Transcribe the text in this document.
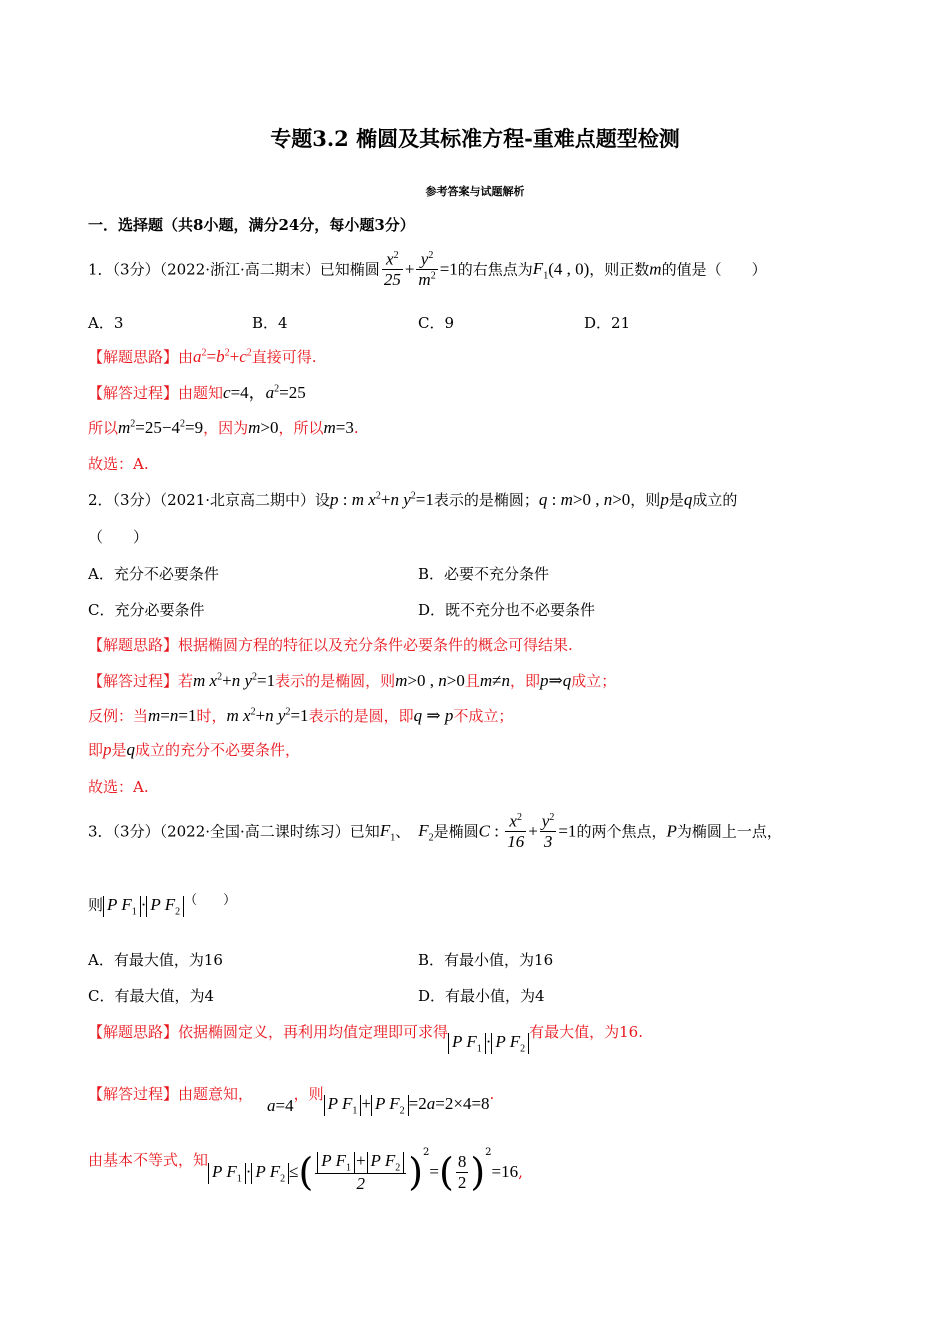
专题3.2 椭圆及其标准方程-重难点题型检测
参考答案与试题解析
一．选择题（共8小题，满分24分，每小题3分）
1．（3分）（2022·浙江·高二期末）已知椭圆 $\frac{x^2}{25} + \frac{y^2}{m^2} =1$的右焦点为$F_1(4$ , 0)，则正数m的值是（　　）
A．3	B．4	C．9	D．21
【解题思路】由$a^2=b^2+c^2$直接可得.
【解答过程】由题知c=4，$a^2=25$
所以$m^2=25-4^2=9$，因为m>0，所以m=3.
故选：A.
2．（3分）（2021·北京高二期中）设p : m $x^2+n$ $y^2=1$表示的是椭圆；q : m>0 , n>0，则p是q成立的
（　　）
A．充分不必要条件	B．必要不充分条件
C．充分必要条件	D．既不充分也不必要条件
【解题思路】根据椭圆方程的特征以及充分条件必要条件的概念可得结果.
【解答过程】若m $x^2+n$ $y^2=1$表示的是椭圆，则m>0 , n>0且m≠n，即p⇒q成立；
反例：当m=n=1时，m $x^2+n$ $y^2=1$表示的是圆，即q ⇒ p不成立；
即p是q成立的充分不必要条件，
故选：A.
3．（3分）（2022·全国·高二课时练习）已知$F_1$、 $F_2$是椭圆C : $\frac{x^2}{16} + \frac{y^2}{3} =1$的两个焦点，P为椭圆上一点，
则 P $F_1 \cdot P$ $F_2$（　　）
A．有最大值，为16	B．有最小值，为16
C．有最大值，为4	D．有最小值，为4
【解题思路】依据椭圆定义，再利用均值定理即可求得 P $F_1 \cdot P$ $F_2$有最大值，为16.
【解答过程】由题意知，a=4，则 P $F_1 + P$ $F_2 =2a=2\times 4=8$.
由基本不等式，知P $F_1 \cdot P$ $F_2$ ≤( $\frac{P F_1 + P F_2}{2} )^2=( \frac{8}{2} )^2=16$,
